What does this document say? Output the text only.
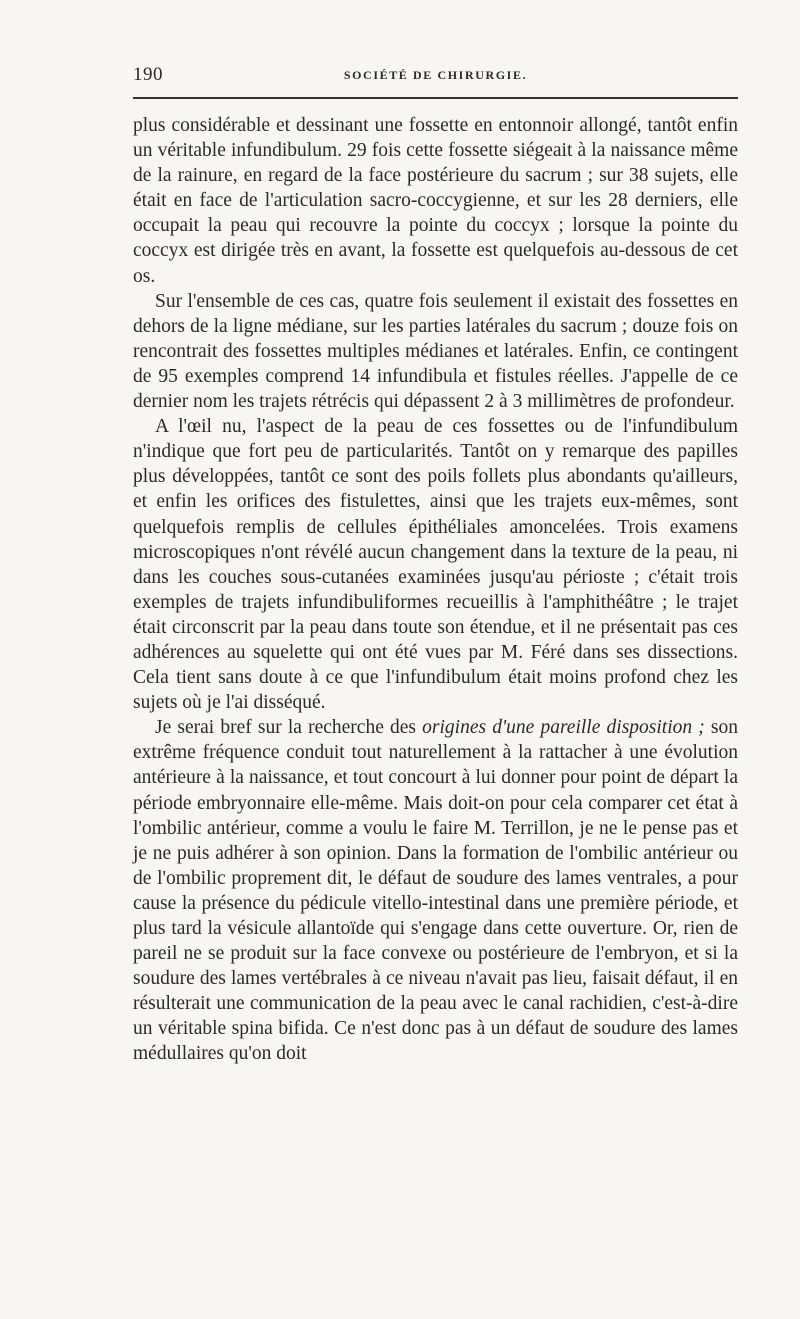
190	SOCIÉTÉ DE CHIRURGIE.

plus considérable et dessinant une fossette en entonnoir allongé, tantôt enfin un véritable infundibulum. 29 fois cette fossette siégeait à la naissance même de la rainure, en regard de la face postérieure du sacrum ; sur 38 sujets, elle était en face de l'articulation sacro-coccygienne, et sur les 28 derniers, elle occupait la peau qui recouvre la pointe du coccyx ; lorsque la pointe du coccyx est dirigée très en avant, la fossette est quelquefois au-dessous de cet os.

Sur l'ensemble de ces cas, quatre fois seulement il existait des fossettes en dehors de la ligne médiane, sur les parties latérales du sacrum ; douze fois on rencontrait des fossettes multiples médianes et latérales. Enfin, ce contingent de 95 exemples comprend 14 infundibula et fistules réelles. J'appelle de ce dernier nom les trajets rétrécis qui dépassent 2 à 3 millimètres de profondeur.

A l'œil nu, l'aspect de la peau de ces fossettes ou de l'infundibulum n'indique que fort peu de particularités. Tantôt on y remarque des papilles plus développées, tantôt ce sont des poils follets plus abondants qu'ailleurs, et enfin les orifices des fistulettes, ainsi que les trajets eux-mêmes, sont quelquefois remplis de cellules épithéliales amoncelées. Trois examens microscopiques n'ont révélé aucun changement dans la texture de la peau, ni dans les couches sous-cutanées examinées jusqu'au périoste ; c'était trois exemples de trajets infundibuliformes recueillis à l'amphithéâtre ; le trajet était circonscrit par la peau dans toute son étendue, et il ne présentait pas ces adhérences au squelette qui ont été vues par M. Féré dans ses dissections. Cela tient sans doute à ce que l'infundibulum était moins profond chez les sujets où je l'ai disséqué.

Je serai bref sur la recherche des origines d'une pareille disposition ; son extrême fréquence conduit tout naturellement à la rattacher à une évolution antérieure à la naissance, et tout concourt à lui donner pour point de départ la période embryonnaire elle-même. Mais doit-on pour cela comparer cet état à l'ombilic antérieur, comme a voulu le faire M. Terrillon, je ne le pense pas et je ne puis adhérer à son opinion. Dans la formation de l'ombilic antérieur ou de l'ombilic proprement dit, le défaut de soudure des lames ventrales, a pour cause la présence du pédicule vitello-intestinal dans une première période, et plus tard la vésicule allantoïde qui s'engage dans cette ouverture. Or, rien de pareil ne se produit sur la face convexe ou postérieure de l'embryon, et si la soudure des lames vertébrales à ce niveau n'avait pas lieu, faisait défaut, il en résulterait une communication de la peau avec le canal rachidien, c'est-à-dire un véritable spina bifida. Ce n'est donc pas à un défaut de soudure des lames médullaires qu'on doit
